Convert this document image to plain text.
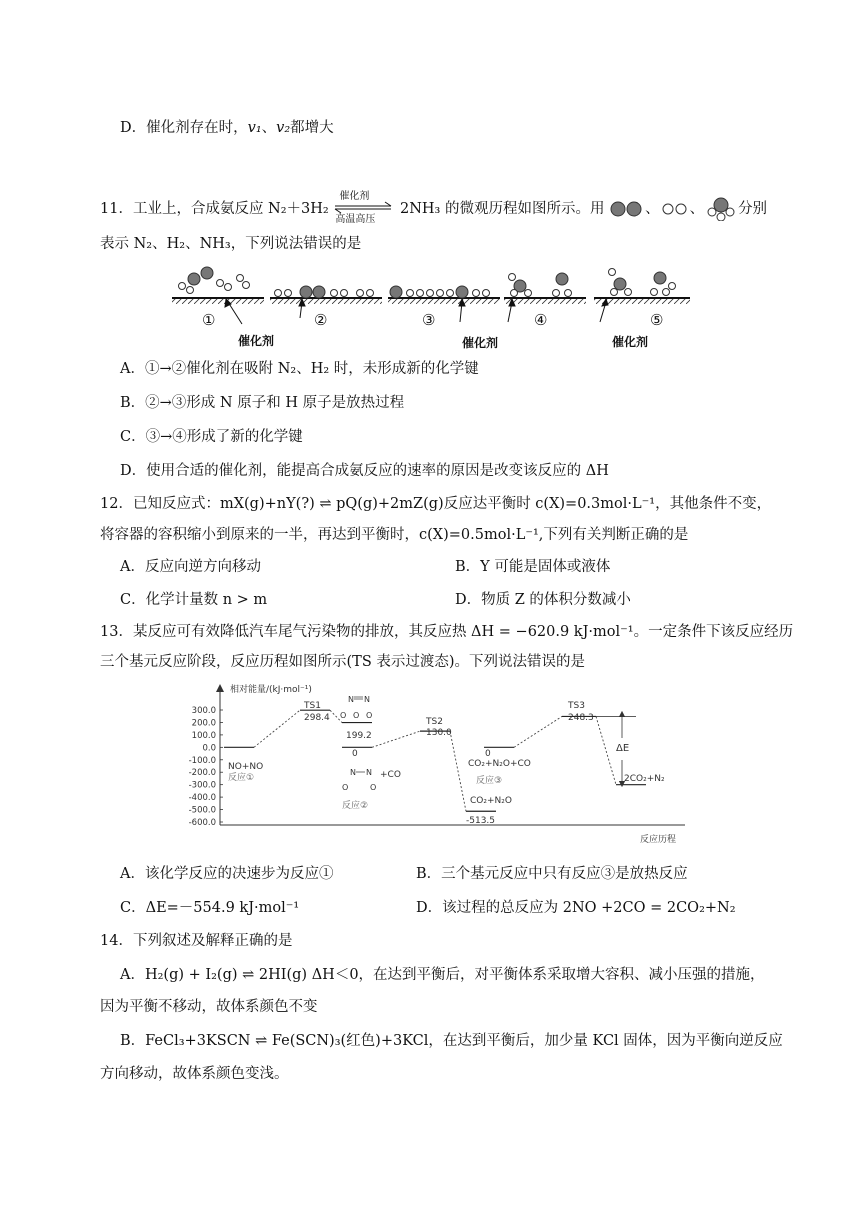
D．催化剂存在时，v₁、v₂都增大
11．工业上，合成氨反应 N₂＋3H₂
催化剂
高温高压
2NH₃ 的微观历程如图所示。用	、 、 分别
表示 N₂、H₂、NH₃，下列说法错误的是
①	②	③	④	⑤
催化剂	催化剂	催化剂
A．①→②催化剂在吸附 N₂、H₂ 时，未形成新的化学键
B．②→③形成 N 原子和 H 原子是放热过程
C．③→④形成了新的化学键
D．使用合适的催化剂，能提高合成氨反应的速率的原因是改变该反应的 ΔH
12．已知反应式：mX(g)+nY(?) ⇌ pQ(g)+2mZ(g)反应达平衡时 c(X)=0.3mol·L⁻¹，其他条件不变，
将容器的容积缩小到原来的一半，再达到平衡时，c(X)=0.5mol·L⁻¹,下列有关判断正确的是
A．反应向逆方向移动	B．Y 可能是固体或液体
C．化学计量数 n > m	D．物质 Z 的体积分数减小
13．某反应可有效降低汽车尾气污染物的排放，其反应热 ΔH = −620.9 kJ·mol⁻¹。一定条件下该反应经历
三个基元反应阶段，反应历程如图所示(TS 表示过渡态)。下列说法错误的是
相对能量/(kJ·mol⁻¹)
反应历程
300.0
200.0
100.0
0.0
-100.0
-200.0
-300.0
-400.0
-500.0
-600.0
TS1
298.4	TS2
130.0
TS3
248.3
199.2
NO+NO
反应①
0
+CO
反应②
0
CO₂+N₂O+CO
反应③
CO₂+N₂O
-513.5
2CO₂+N₂
ΔE
N N
O O
O
N N
O	O
A．该化学反应的决速步为反应①	B．三个基元反应中只有反应③是放热反应
C．ΔE=－554.9 kJ·mol⁻¹	D．该过程的总反应为 2NO +2CO = 2CO₂+N₂
14．下列叙述及解释正确的是
A．H₂(g) + I₂(g) ⇌ 2HI(g) ΔH＜0，在达到平衡后，对平衡体系采取增大容积、减小压强的措施，
因为平衡不移动，故体系颜色不变
B．FeCl₃+3KSCN ⇌ Fe(SCN)₃(红色)+3KCl，在达到平衡后，加少量 KCl 固体，因为平衡向逆反应
方向移动，故体系颜色变浅。
